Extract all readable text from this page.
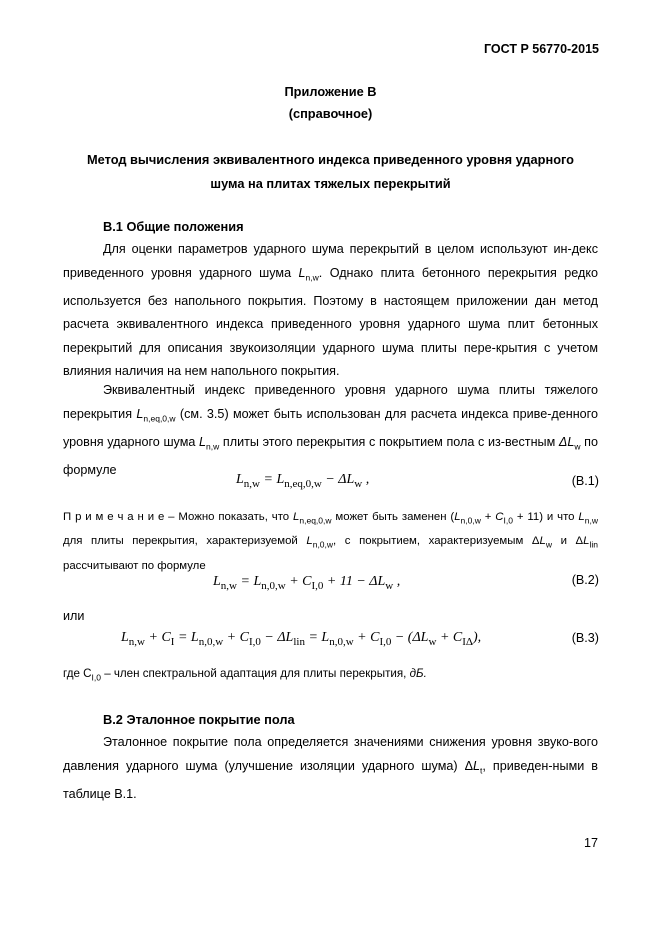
ГОСТ Р 56770-2015
Приложение В
(справочное)
Метод вычисления эквивалентного индекса приведенного уровня ударного
шума на плитах тяжелых перекрытий
В.1 Общие положения
Для оценки параметров ударного шума перекрытий в целом используют ин-декс приведенного уровня ударного шума $L_{n,w}$. Однако плита бетонного перекрытия редко используется без напольного покрытия. Поэтому в настоящем приложении дан метод расчета эквивалентного индекса приведенного уровня ударного шума плит бетонных перекрытий для описания звукоизоляции ударного шума плиты пере-крытия с учетом влияния наличия на нем напольного покрытия.
Эквивалентный индекс приведенного уровня ударного шума плиты тяжелого перекрытия $L_{n,eq,0,w}$ (см. 3.5) может быть использован для расчета индекса приве-денного уровня ударного шума $L_{n,w}$ плиты этого перекрытия с покрытием пола с из-вестным $\Delta L_w$ по формуле
$L_{n,w} = L_{n,eq,0,w} - \Delta L_w$ ,	(В.1)
П р и м е ч а н и е – Можно показать, что $L_{n,eq,0,w}$ может быть заменен $(L_{n,0,w} + C_{I,0} + 11)$ и что $L_{n,w}$ для плиты перекрытия, характеризуемой $L_{n,0,w}$, с покрытием, характеризуемым $\Delta L_w$ и $\Delta L_{lin}$ рассчитывают по формуле
$L_{n,w} = L_{n,0,w} + C_{I,0} + 11 - \Delta L_w$ ,	(В.2)
или
$L_{n,w} + C_I = L_{n,0,w} + C_{I,0} - \Delta L_{lin} = L_{n,0,w} + C_{I,0} - (\Delta L_w + C_{I\Delta})$,	(В.3)
где $C_{I,0}$ – член спектральной адаптация для плиты перекрытия, дБ.
В.2 Эталонное покрытие пола
Эталонное покрытие пола определяется значениями снижения уровня звуко-вого давления ударного шума (улучшение изоляции ударного шума) $\Delta L_t$, приведен-ными в таблице В.1.
17
